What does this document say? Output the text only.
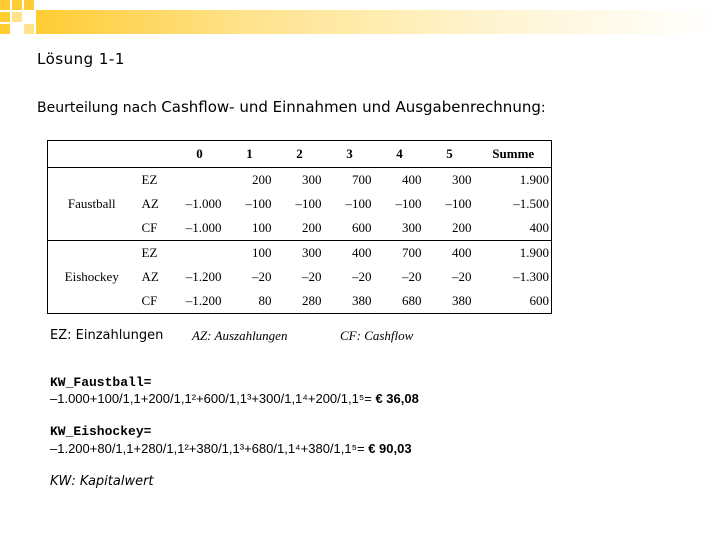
Lösung 1-1
Beurteilung nach Cashflow- und Einnahmen und Ausgabenrechnung:
		0	1	2	3	4	5	Summe
Faustball	EZ		200	300	700	400	300	1.900
	AZ	–1.000	–100	–100	–100	–100	–100	–1.500
	CF	–1.000	100	200	600	300	200	400
Eishockey	EZ		100	300	400	700	400	1.900
	AZ	–1.200	–20	–20	–20	–20	–20	–1.300
	CF	–1.200	80	280	380	680	380	600
EZ: Einzahlungen AZ: Auszahlungen	CF: Cashflow
KW_Faustball=
–1.000+100/1,1+200/1,1²+600/1,1³+300/1,1⁴+200/1,1⁵= € 36,08
KW_Eishockey=
–1.200+80/1,1+280/1,1²+380/1,1³+680/1,1⁴+380/1,1⁵= € 90,03
KW: Kapitalwert
